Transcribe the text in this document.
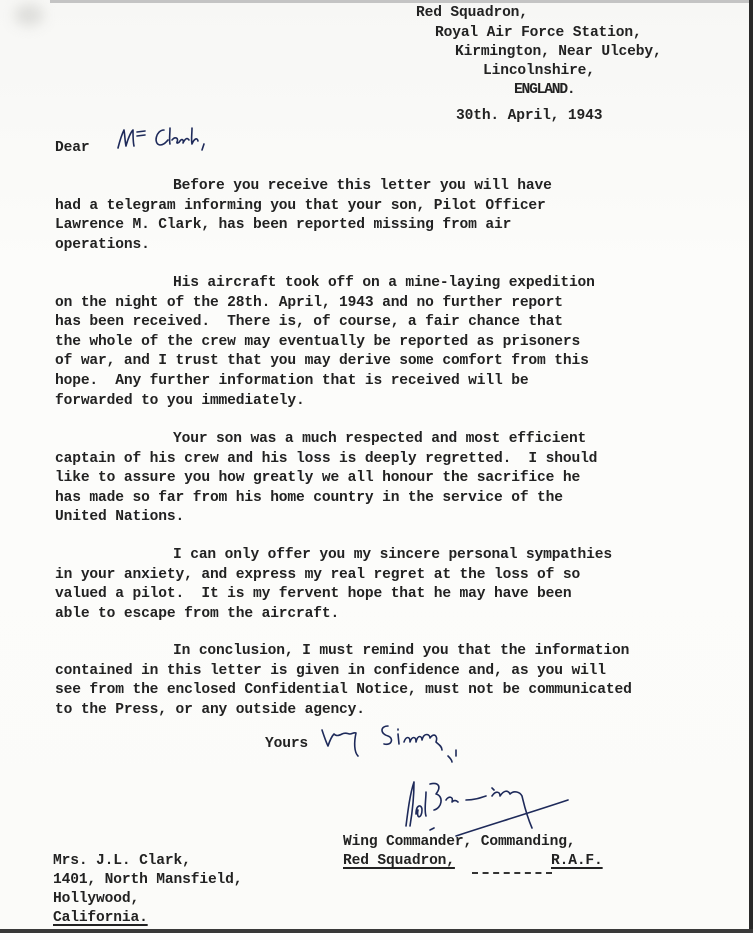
Red Squadron,
Royal Air Force Station,
Kirmington, Near Ulceby,
Lincolnshire,
ENGLAND.
30th. April, 1943
Dear
Before you receive this letter you will have
had a telegram informing you that your son, Pilot Officer
Lawrence M. Clark, has been reported missing from air
operations.
His aircraft took off on a mine-laying expedition
on the night of the 28th. April, 1943 and no further report
has been received.  There is, of course, a fair chance that
the whole of the crew may eventually be reported as prisoners
of war, and I trust that you may derive some comfort from this
hope.  Any further information that is received will be
forwarded to you immediately.
Your son was a much respected and most efficient
captain of his crew and his loss is deeply regretted.  I should
like to assure you how greatly we all honour the sacrifice he
has made so far from his home country in the service of the
United Nations.
I can only offer you my sincere personal sympathies
in your anxiety, and express my real regret at the loss of so
valued a pilot.  It is my fervent hope that he may have been
able to escape from the aircraft.
In conclusion, I must remind you that the information
contained in this letter is given in confidence and, as you will
see from the enclosed Confidential Notice, must not be communicated
to the Press, or any outside agency.
Yours
Wing Commander, Commanding,
Red Squadron,	R.A.F.
Mrs. J.L. Clark,
1401, North Mansfield,
Hollywood,
California.
